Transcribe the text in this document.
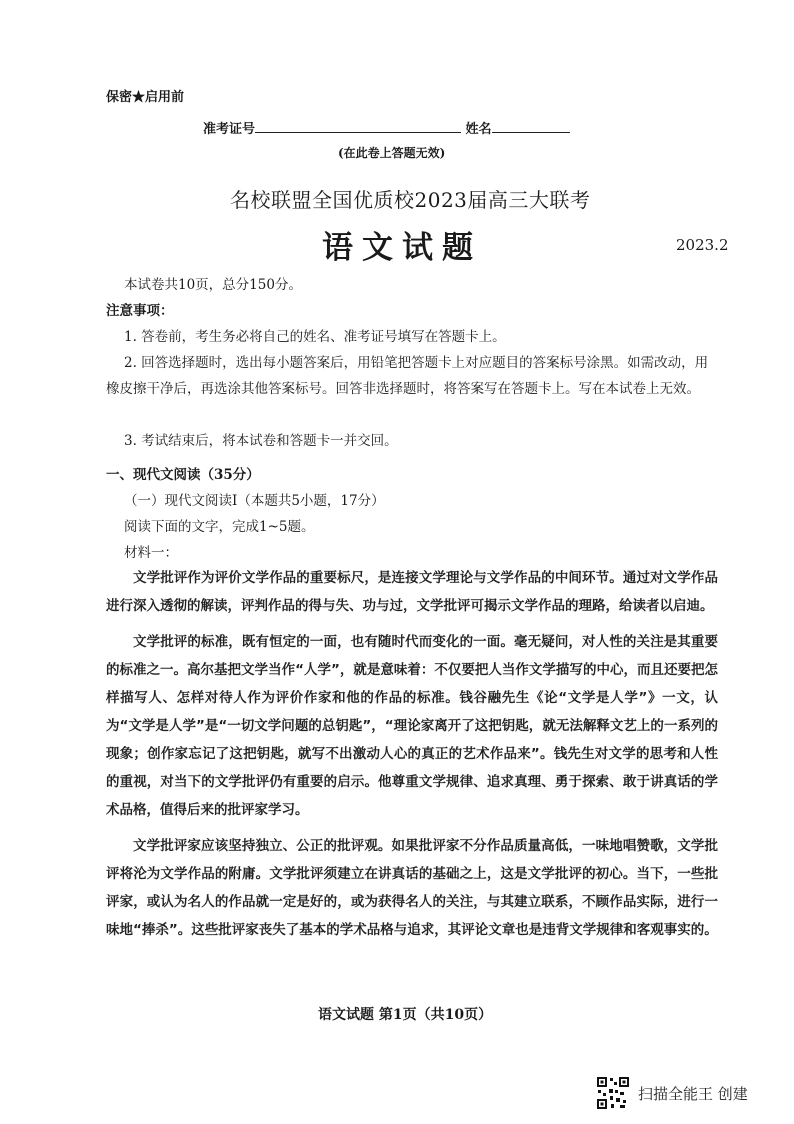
保密★启用前
准考证号	姓名
(在此卷上答题无效)
名校联盟全国优质校2023届高三大联考
语文试题	2023.2
本试卷共10页，总分150分。
注意事项：
1. 答卷前，考生务必将自己的姓名、准考证号填写在答题卡上。
2. 回答选择题时，选出每小题答案后，用铅笔把答题卡上对应题目的答案标号涂黑。如需改动，用橡皮擦干净后，再选涂其他答案标号。回答非选择题时，将答案写在答题卡上。写在本试卷上无效。
3. 考试结束后，将本试卷和答题卡一并交回。
一、现代文阅读（35分）
（一）现代文阅读Ⅰ（本题共5小题，17分）
阅读下面的文字，完成1~5题。
材料一：

文学批评作为评价文学作品的重要标尺，是连接文学理论与文学作品的中间环节。通过对文学作品进行深入透彻的解读，评判作品的得与失、功与过，文学批评可揭示文学作品的理路，给读者以启迪。

文学批评的标准，既有恒定的一面，也有随时代而变化的一面。毫无疑问，对人性的关注是其重要的标准之一。高尔基把文学当作“人学”，就是意味着：不仅要把人当作文学描写的中心，而且还要把怎样描写人、怎样对待人作为评价作家和他的作品的标准。钱谷融先生《论“文学是人学”》一文，认为“文学是人学”是“一切文学问题的总钥匙”，“理论家离开了这把钥匙，就无法解释文艺上的一系列的现象；创作家忘记了这把钥匙，就写不出激动人心的真正的艺术作品来”。钱先生对文学的思考和人性的重视，对当下的文学批评仍有重要的启示。他尊重文学规律、追求真理、勇于探索、敢于讲真话的学术品格，值得后来的批评家学习。

文学批评家应该坚持独立、公正的批评观。如果批评家不分作品质量高低，一味地唱赞歌，文学批评将沦为文学作品的附庸。文学批评须建立在讲真话的基础之上，这是文学批评的初心。当下，一些批评家，或认为名人的作品就一定是好的，或为获得名人的关注，与其建立联系，不顾作品实际，进行一味地“捧杀”。这些批评家丧失了基本的学术品格与追求，其评论文章也是违背文学规律和客观事实的。

语文试题 第1页（共10页）
扫描全能王 创建
